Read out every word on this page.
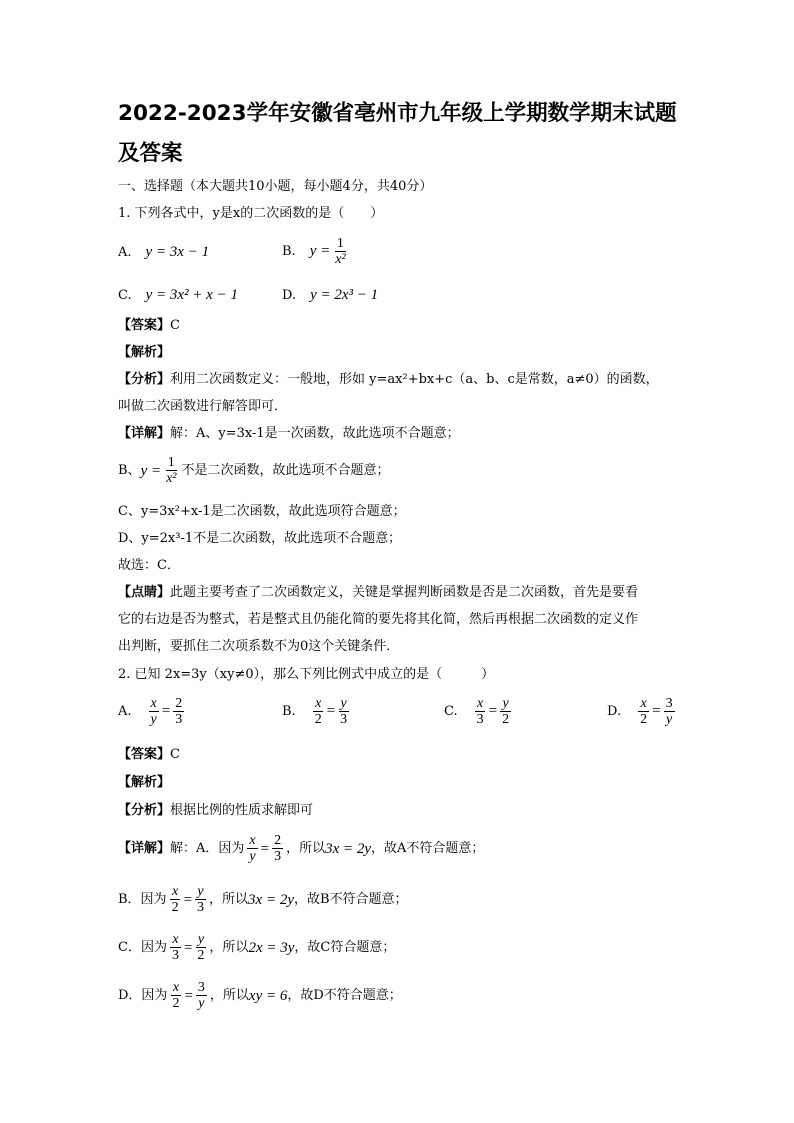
2022-2023学年安徽省亳州市九年级上学期数学期末试题及答案
一、选择题（本大题共10小题，每小题4分，共40分）
1. 下列各式中，y是x的二次函数的是（　　）
A. y = 3x − 1	B. $y = \frac{1}{\text{x²}}$
C. y = 3x² + x − 1	D. y = 2x³ − 1
【答案】C
【解析】
【分析】利用二次函数定义：一般地，形如 y=ax²+bx+c（a、b、c是常数，a≠0）的函数，
叫做二次函数进行解答即可．
【详解】解：A、y=3x-1是一次函数，故此选项不合题意；
B、 $y = \frac{1}{\text{x²}}$ 不是二次函数，故此选项不合题意；
C、y=3x²+x-1是二次函数，故此选项符合题意；
D、y=2x³-1不是二次函数，故此选项不合题意；
故选：C．
【点睛】此题主要考查了二次函数定义，关键是掌握判断函数是否是二次函数，首先是要看
它的右边是否为整式，若是整式且仍能化简的要先将其化简，然后再根据二次函数的定义作
出判断，要抓住二次项系数不为0这个关键条件．
2. 已知 2x=3y（xy≠0），那么下列比例式中成立的是（　　　）
A. $\frac{x}{y} = \frac{2}{3}$	B. $\frac{x}{2} = \frac{y}{3}$	C. $\frac{x}{3} = \frac{y}{2}$	D. $\frac{x}{2} = \frac{3}{y}$
【答案】C
【解析】
【分析】根据比例的性质求解即可
【详解】 解：A．因为 $\frac{x}{y} = \frac{2}{3}$ ，所以 3x = 2y ，故A不符合题意；
B．因为 $\frac{x}{2} = \frac{y}{3}$ ，所以 3x = 2y ，故B不符合题意；
C．因为 $\frac{x}{3} = \frac{y}{2}$ ，所以 2x = 3y ，故C符合题意；
D．因为 $\frac{x}{2} = \frac{3}{y}$ ，所以 xy = 6 ，故D不符合题意；
